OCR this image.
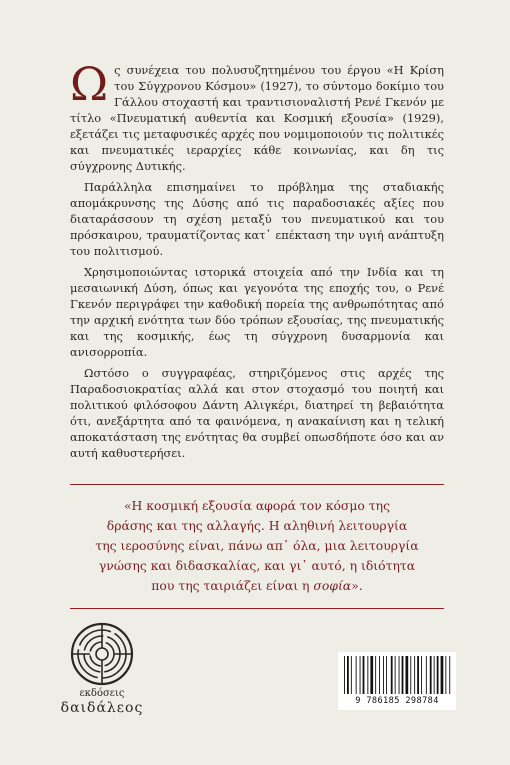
Ως συνέχεια του πολυσυζητημένου του έργου «Η Κρίση του Σύγχρονου Κόσμου» (1927), το σύντομο δοκίμιο του Γάλλου στοχαστή και τραντισιοναλιστή Ρενέ Γκενόν με τίτλο «Πνευματική αυθεντία και Κοσμική εξουσία» (1929), εξετάζει τις μεταφυσικές αρχές που νομιμοποιούν τις πολιτικές και πνευματικές ιεραρχίες κάθε κοινωνίας, και δη τις σύγχρονης Δυτικής.

Παράλληλα επισημαίνει το πρόβλημα της σταδιακής απομάκρυνσης της Δύσης από τις παραδοσιακές αξίες που διαταράσσουν τη σχέση μεταξύ του πνευματικού και του πρόσκαιρου, τραυματίζοντας κατ᾽ επέκταση την υγιή ανάπτυξη του πολιτισμού.

Χρησιμοποιώντας ιστορικά στοιχεία από την Ινδία και τη μεσαιωνική Δύση, όπως και γεγονότα της εποχής του, ο Ρενέ Γκενόν περιγράφει την καθοδική πορεία της ανθρωπότητας από την αρχική ενότητα των δύο τρόπων εξουσίας, της πνευματικής και της κοσμικής, έως τη σύγχρονη δυσαρμονία και ανισορροπία.

Ωστόσο ο συγγραφέας, στηριζόμενος στις αρχές της Παραδοσιοκρατίας αλλά και στον στοχασμό του ποιητή και πολιτικού φιλόσοφου Δάντη Αλιγκέρι, διατηρεί τη βεβαιότητα ότι, ανεξάρτητα από τα φαινόμενα, η ανακαίνιση και η τελική αποκατάσταση της ενότητας θα συμβεί οπωσδήποτε όσο και αν αυτή καθυστερήσει.

«Η κοσμική εξουσία αφορά τον κόσμο της
δράσης και της αλλαγής. Η αληθινή λειτουργία
της ιεροσύνης είναι, πάνω απ᾽ όλα, μια λειτουργία
γνώσης και διδασκαλίας, και γι᾽ αυτό, η ιδιότητα
που της ταιριάζει είναι η σοφία».
εκδόσεις
δαιδάλεος	9 786185 298784
